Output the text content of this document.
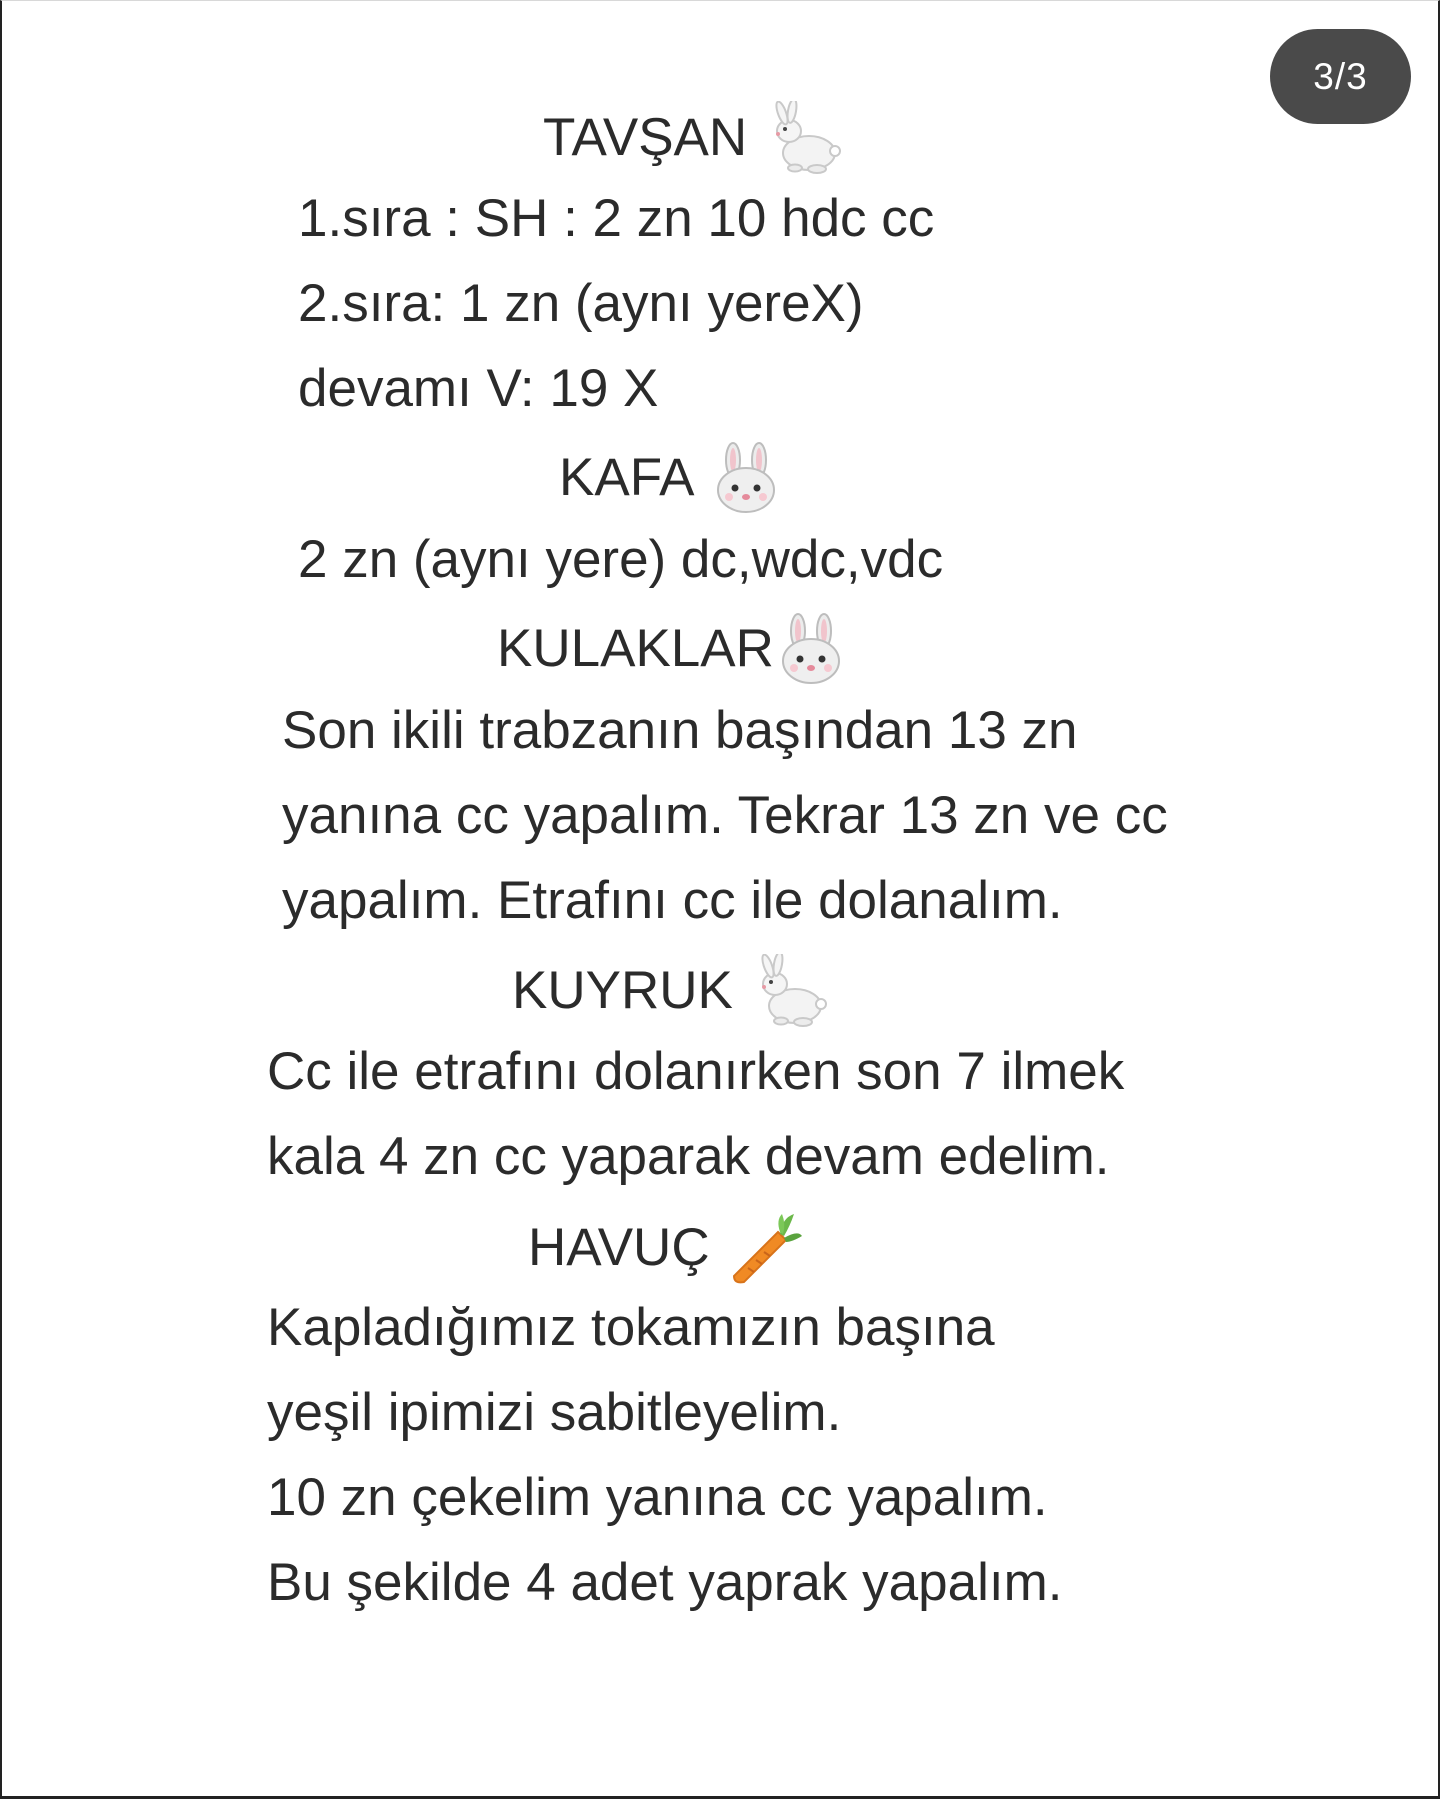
3/3
TAVŞAN
1.sıra : SH : 2 zn 10 hdc cc
2.sıra: 1 zn (aynı yereX)
devamı V: 19 X
KAFA
2 zn (aynı yere) dc,wdc,vdc
KULAKLAR
Son ikili trabzanın başından 13 zn
yanına cc yapalım. Tekrar 13 zn ve cc
yapalım. Etrafını cc ile dolanalım.
KUYRUK
Cc ile etrafını dolanırken son 7 ilmek
kala 4 zn cc yaparak devam edelim.
HAVUÇ
Kapladığımız tokamızın başına
yeşil ipimizi sabitleyelim.
10 zn çekelim yanına cc yapalım.
Bu şekilde 4 adet yaprak yapalım.
